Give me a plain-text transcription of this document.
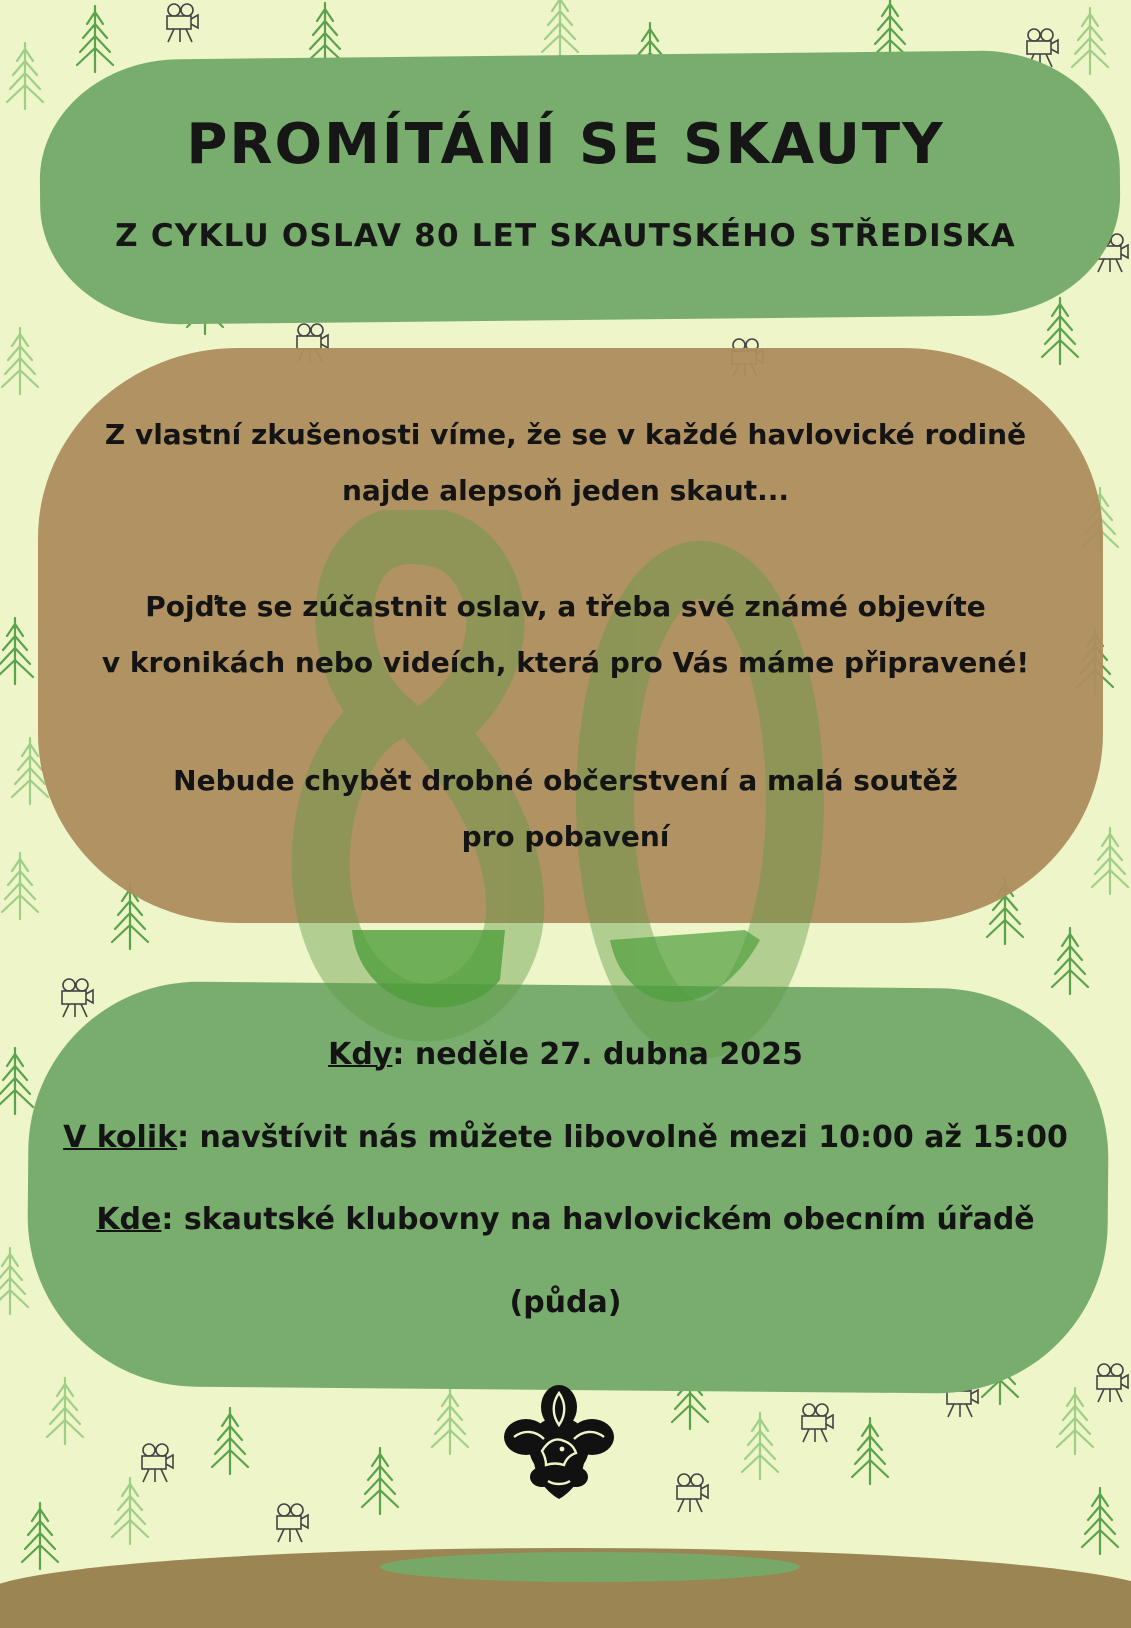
PROMÍTÁNÍ SE SKAUTY
Z CYKLU OSLAV 80 LET SKAUTSKÉHO STŘEDISKA

Z vlastní zkušenosti víme, že se v každé havlovické rodině

najde alepsoň jeden skaut...

Pojďte se zúčastnit oslav, a třeba své známé objevíte

v kronikách nebo videích, která pro Vás máme připravené!

Nebude chybět drobné občerstvení a malá soutěž

pro pobavení

Kdy: neděle 27. dubna 2025

V kolik: navštívit nás můžete libovolně mezi 10:00 až 15:00

Kde: skautské klubovny na havlovickém obecním úřadě

(půda)
